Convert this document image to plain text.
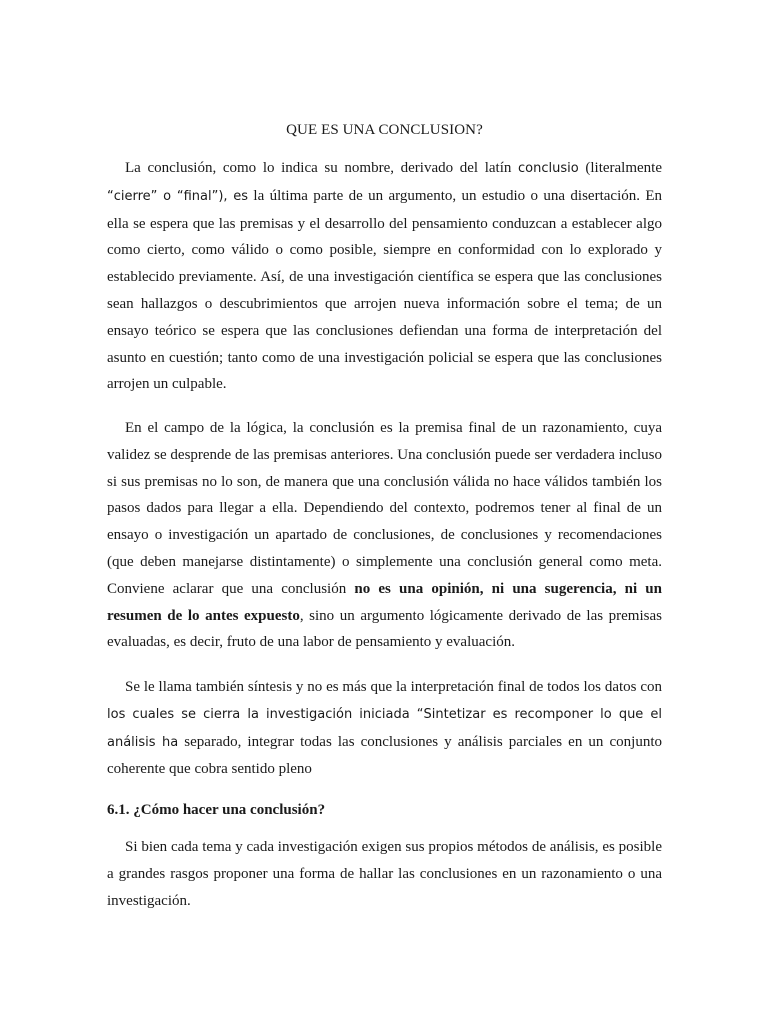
QUE ES UNA CONCLUSION?

La conclusión, como lo indica su nombre, derivado del latín conclusio (literalmente “cierre” o “final”), es la última parte de un argumento, un estudio o una disertación. En ella se espera que las premisas y el desarrollo del pensamiento conduzcan a establecer algo como cierto, como válido o como posible, siempre en conformidad con lo explorado y establecido previamente. Así, de una investigación científica se espera que las conclusiones sean hallazgos o descubrimientos que arrojen nueva información sobre el tema; de un ensayo teórico se espera que las conclusiones defiendan una forma de interpretación del asunto en cuestión; tanto como de una investigación policial se espera que las conclusiones arrojen un culpable.

En el campo de la lógica, la conclusión es la premisa final de un razonamiento, cuya validez se desprende de las premisas anteriores. Una conclusión puede ser verdadera incluso si sus premisas no lo son, de manera que una conclusión válida no hace válidos también los pasos dados para llegar a ella. Dependiendo del contexto, podremos tener al final de un ensayo o investigación un apartado de conclusiones, de conclusiones y recomendaciones (que deben manejarse distintamente) o simplemente una conclusión general como meta. Conviene aclarar que una conclusión no es una opinión, ni una sugerencia, ni un resumen de lo antes expuesto, sino un argumento lógicamente derivado de las premisas evaluadas, es decir, fruto de una labor de pensamiento y evaluación.

Se le llama también síntesis y no es más que la interpretación final de todos los datos con los cuales se cierra la investigación iniciada “Sintetizar es recomponer lo que el análisis ha separado, integrar todas las conclusiones y análisis parciales en un conjunto coherente que cobra sentido pleno

6.1. ¿Cómo hacer una conclusión?

Si bien cada tema y cada investigación exigen sus propios métodos de análisis, es posible a grandes rasgos proponer una forma de hallar las conclusiones en un razonamiento o una investigación.
